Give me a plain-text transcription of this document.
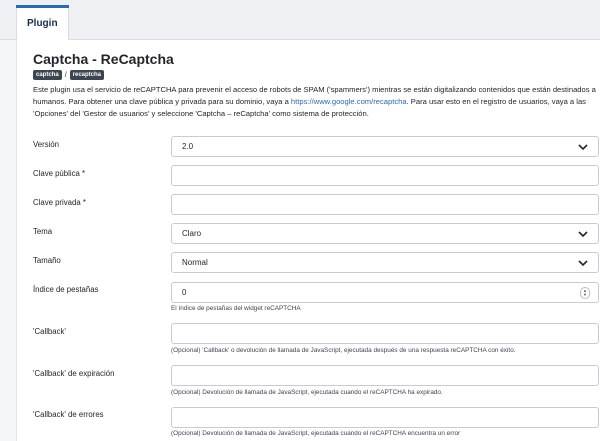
Plugin
Captcha - ReCaptcha
captcha /	recaptcha
Este plugin usa el servicio de reCAPTCHA para prevenir el acceso de robots de SPAM ('spammers') mientras se están digitalizando contenidos que están destinados a humanos. Para obtener una clave pública y privada para su dominio, vaya a https://www.google.com/recaptcha. Para usar esto en el registro de usuarios, vaya a las 'Opciones' del 'Gestor de usuarios' y seleccione 'Captcha – reCaptcha' como sistema de protección.
Versión	2.0
Clave pública *
Clave privada *
Tema	Claro
Tamaño	Normal
Índice de pestañas	0	▲
▼
El índice de pestañas del widget reCAPTCHA
'Callback'
(Opcional) 'Callback' o devolución de llamada de JavaScript, ejecutada después de una respuesta reCAPTCHA con éxito.
'Callback' de expiración
(Opcional) Devolución de llamada de JavaScript, ejecutada cuando el reCAPTCHA ha expirado.
'Callback' de errores
(Opcional) Devolución de llamada de JavaScript, ejecutada cuando el reCAPTCHA encuentra un error
